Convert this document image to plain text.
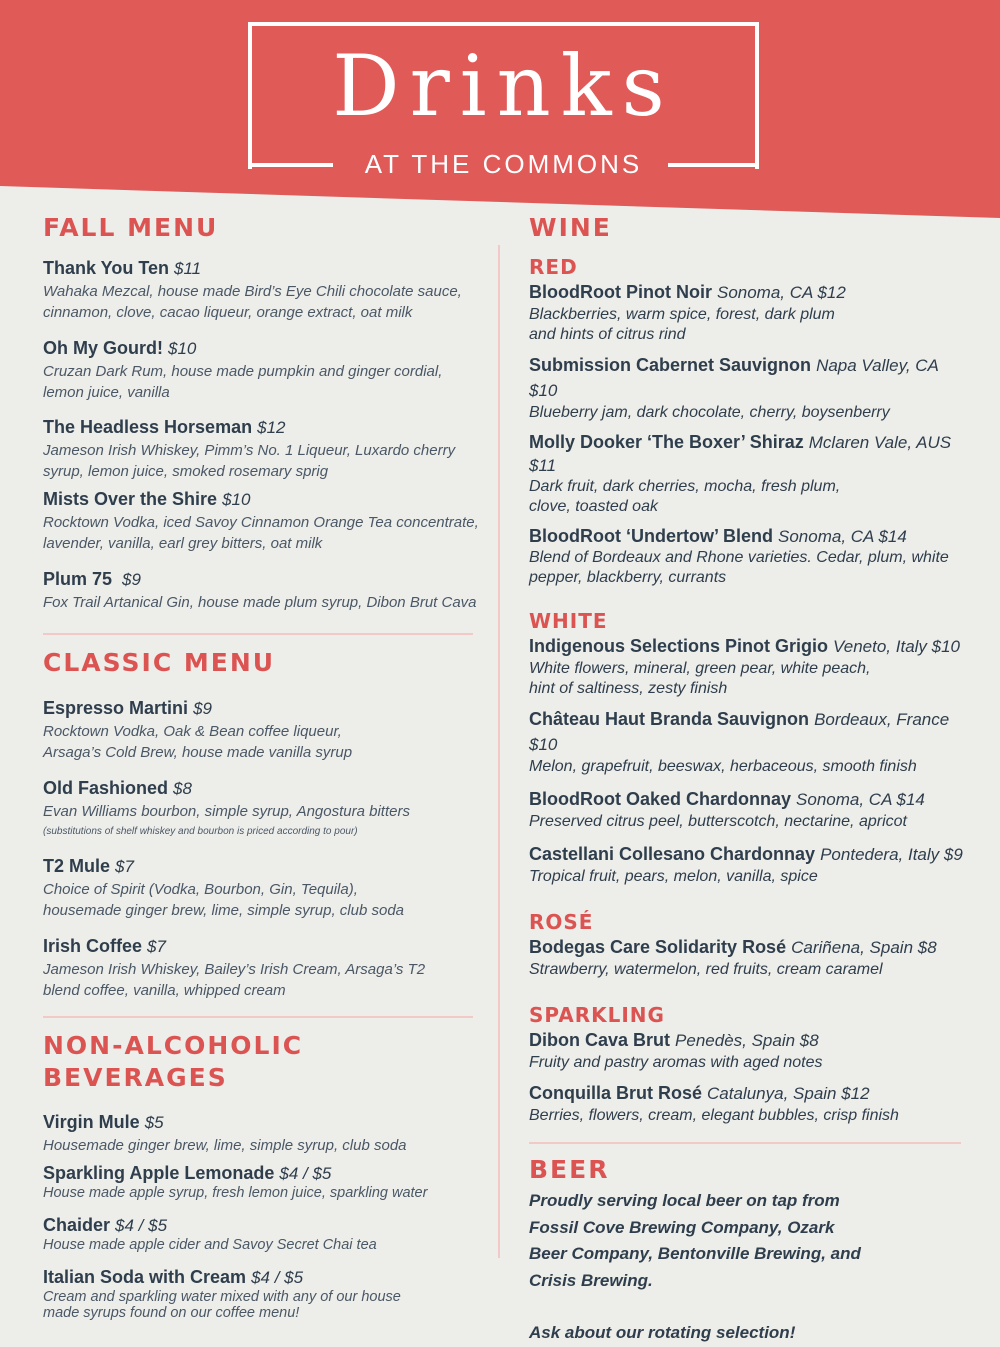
Drinks
AT THE COMMONS
FALL MENU
Thank You Ten $11
Wahaka Mezcal, house made Bird’s Eye Chili chocolate sauce, cinnamon, clove, cacao liqueur, orange extract, oat milk
Oh My Gourd! $10
Cruzan Dark Rum, house made pumpkin and ginger cordial, lemon juice, vanilla
The Headless Horseman $12
Jameson Irish Whiskey, Pimm’s No. 1 Liqueur, Luxardo cherry syrup, lemon juice, smoked rosemary sprig
Mists Over the Shire $10
Rocktown Vodka, iced Savoy Cinnamon Orange Tea concentrate, lavender, vanilla, earl grey bitters, oat milk
Plum 75 $9
Fox Trail Artanical Gin, house made plum syrup, Dibon Brut Cava
CLASSIC MENU
Espresso Martini $9
Rocktown Vodka, Oak & Bean coffee liqueur, Arsaga’s Cold Brew, house made vanilla syrup
Old Fashioned $8
Evan Williams bourbon, simple syrup, Angostura bitters
(substitutions of shelf whiskey and bourbon is priced according to pour)
T2 Mule $7
Choice of Spirit (Vodka, Bourbon, Gin, Tequila), housemade ginger brew, lime, simple syrup, club soda
Irish Coffee $7
Jameson Irish Whiskey, Bailey’s Irish Cream, Arsaga’s T2 blend coffee, vanilla, whipped cream
NON-ALCOHOLIC BEVERAGES
Virgin Mule $5
Housemade ginger brew, lime, simple syrup, club soda
Sparkling Apple Lemonade $4 / $5
House made apple syrup, fresh lemon juice, sparkling water
Chaider $4 / $5
House made apple cider and Savoy Secret Chai tea
Italian Soda with Cream $4 / $5
Cream and sparkling water mixed with any of our house made syrups found on our coffee menu!
WINE
RED
BloodRoot Pinot Noir Sonoma, CA $12
Blackberries, warm spice, forest, dark plum and hints of citrus rind
Submission Cabernet Sauvignon Napa Valley, CA $10
Blueberry jam, dark chocolate, cherry, boysenberry
Molly Dooker ‘The Boxer’ Shiraz Mclaren Vale, AUS $11
Dark fruit, dark cherries, mocha, fresh plum, clove, toasted oak
BloodRoot ‘Undertow’ Blend Sonoma, CA $14
Blend of Bordeaux and Rhone varieties. Cedar, plum, white pepper, blackberry, currants
WHITE
Indigenous Selections Pinot Grigio Veneto, Italy $10
White flowers, mineral, green pear, white peach, hint of saltiness, zesty finish
Château Haut Branda Sauvignon Bordeaux, France $10
Melon, grapefruit, beeswax, herbaceous, smooth finish
BloodRoot Oaked Chardonnay Sonoma, CA $14
Preserved citrus peel, butterscotch, nectarine, apricot
Castellani Collesano Chardonnay Pontedera, Italy $9
Tropical fruit, pears, melon, vanilla, spice
ROSÉ
Bodegas Care Solidarity Rosé Cariñena, Spain $8
Strawberry, watermelon, red fruits, cream caramel
SPARKLING
Dibon Cava Brut Penedès, Spain $8
Fruity and pastry aromas with aged notes
Conquilla Brut Rosé Catalunya, Spain $12
Berries, flowers, cream, elegant bubbles, crisp finish
BEER
Proudly serving local beer on tap from
Fossil Cove Brewing Company, Ozark
Beer Company, Bentonville Brewing, and
Crisis Brewing.
Ask about our rotating selection!
